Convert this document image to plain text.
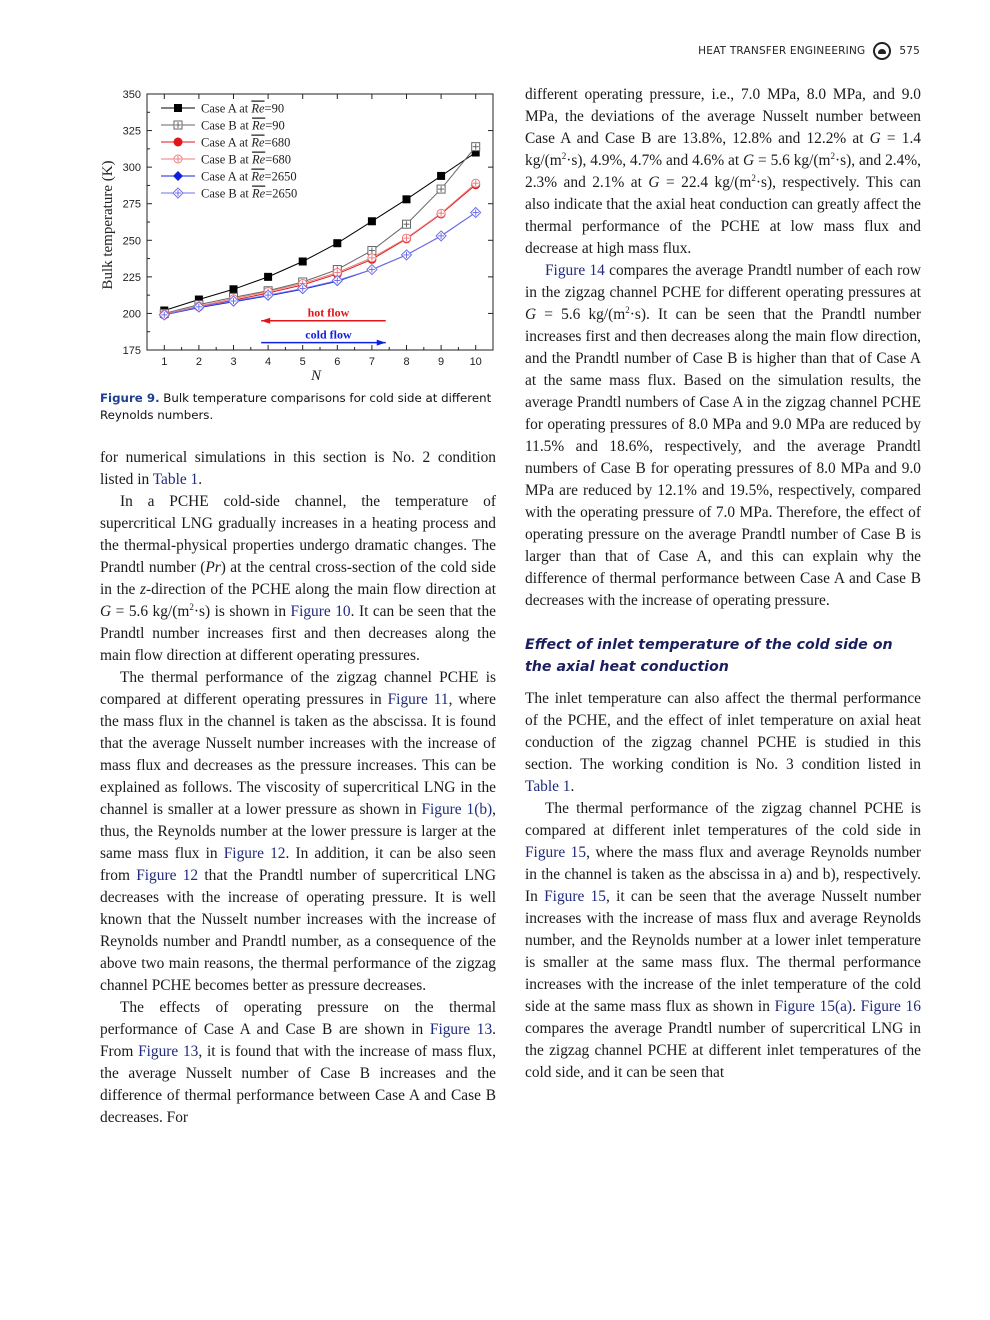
HEAT TRANSFER ENGINEERING	575
175
200
225
250
275
300
325
350
1	2	3	4	5	6	7	8	9 10
hot flow
cold flow
Case A at Re=90
Case B at Re=90
Case A at Re=680
Case B at Re=680
Case A at Re=2650
Case B at Re=2650
Bulk temperature (K)
N
Figure 9. Bulk temperature comparisons for cold side at different Reynolds numbers.

for numerical simulations in this section is No. 2 condition listed in Table 1.

In a PCHE cold-side channel, the temperature of supercritical LNG gradually increases in a heating process and the thermal-physical properties undergo dramatic changes. The Prandtl number (Pr) at the central cross-section of the cold side in the z-direction of the PCHE along the main flow direction at G = 5.6 $kg/(m^2\cdot s)$ is shown in Figure 10. It can be seen that the Prandtl number increases first and then decreases along the main flow direction at different operating pressures.

The thermal performance of the zigzag channel PCHE is compared at different operating pressures in Figure 11, where the mass flux in the channel is taken as the abscissa. It is found that the average Nusselt number increases with the increase of mass flux and decreases as the pressure increases. This can be explained as follows. The viscosity of supercritical LNG in the channel is smaller at a lower pressure as shown in Figure 1(b), thus, the Reynolds number at the lower pressure is larger at the same mass flux in Figure 12. In addition, it can be also seen from Figure 12 that the Prandtl number of supercritical LNG decreases with the increase of operating pressure. It is well known that the Nusselt number increases with the increase of Reynolds number and Prandtl number, as a consequence of the above two main reasons, the thermal performance of the zigzag channel PCHE becomes better as pressure decreases.

The effects of operating pressure on the thermal performance of Case A and Case B are shown in Figure 13. From Figure 13, it is found that with the increase of mass flux, the average Nusselt number of Case B increases and the difference of thermal performance between Case A and Case B decreases. For

different operating pressure, i.e., 7.0 MPa, 8.0 MPa, and 9.0 MPa, the deviations of the average Nusselt number between Case A and Case B are 13.8%, 12.8% and 12.2% at G = 1.4 $kg/(m^2\cdot s)$, 4.9%, 4.7% and 4.6% at G = 5.6 $kg/(m^2\cdot s)$, and 2.4%, 2.3% and 2.1% at G = 22.4 $kg/(m^2\cdot s)$, respectively. This can also indicate that the axial heat conduction can greatly affect the thermal performance of the PCHE at low mass flux and decrease at high mass flux.

Figure 14 compares the average Prandtl number of each row in the zigzag channel PCHE for different operating pressures at G = 5.6 $kg/(m^2\cdot s)$. It can be seen that the Prandtl number increases first and then decreases along the main flow direction, and the Prandtl number of Case B is higher than that of Case A at the same mass flux. Based on the simulation results, the average Prandtl numbers of Case A in the zigzag channel PCHE for operating pressures of 8.0 MPa and 9.0 MPa are reduced by 11.5% and 18.6%, respectively, and the average Prandtl numbers of Case B for operating pressures of 8.0 MPa and 9.0 MPa are reduced by 12.1% and 19.5%, respectively, compared with the operating pressure of 7.0 MPa. Therefore, the effect of operating pressure on the average Prandtl number of Case B is larger than that of Case A, and this can explain why the difference of thermal performance between Case A and Case B decreases with the increase of operating pressure.

Effect of inlet temperature of the cold side on the axial heat conduction

The inlet temperature can also affect the thermal performance of the PCHE, and the effect of inlet temperature on axial heat conduction of the zigzag channel PCHE is studied in this section. The working condition is No. 3 condition listed in Table 1.

The thermal performance of the zigzag channel PCHE is compared at different inlet temperatures of the cold side in Figure 15, where the mass flux and average Reynolds number in the channel is taken as the abscissa in a) and b), respectively. In Figure 15, it can be seen that the average Nusselt number increases with the increase of mass flux and average Reynolds number, and the Reynolds number at a lower inlet temperature is smaller at the same mass flux. The thermal performance increases with the increase of the inlet temperature of the cold side at the same mass flux as shown in Figure 15(a). Figure 16 compares the average Prandtl number of supercritical LNG in the zigzag channel PCHE at different inlet temperatures of the cold side, and it can be seen that
